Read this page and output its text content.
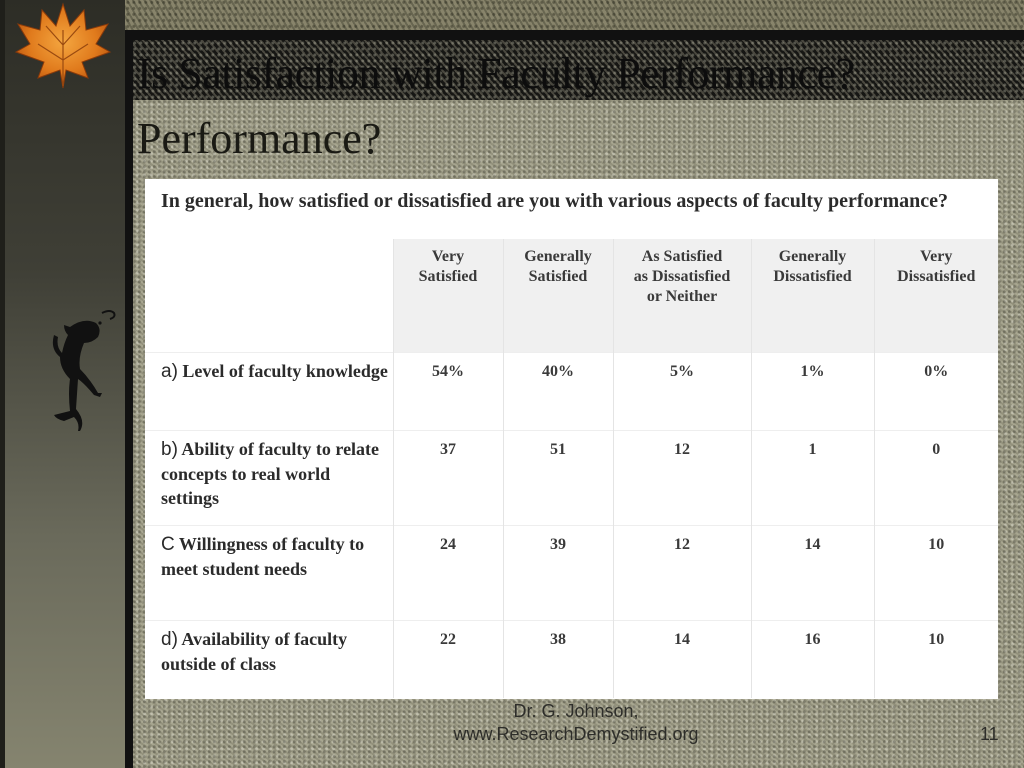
Is Satisfaction with Faculty Performance?
Performance?
In general, how satisfied or dissatisfied are you with various aspects of faculty performance?
	Very
Satisfied	Generally
Satisfied	As Satisfied
as Dissatisfied
or Neither	Generally
Dissatisfied	Very
Dissatisfied
a) Level of faculty knowledge	54%	40%	5%	1%	0%
b) Ability of faculty to relate concepts to real world settings	37	51	12	1	0
C Willingness of faculty to meet student needs	24	39	12	14	10
d) Availability of faculty outside of class	22	38	14	16	10
Dr. G. Johnson,
www.ResearchDemystified.org	11
